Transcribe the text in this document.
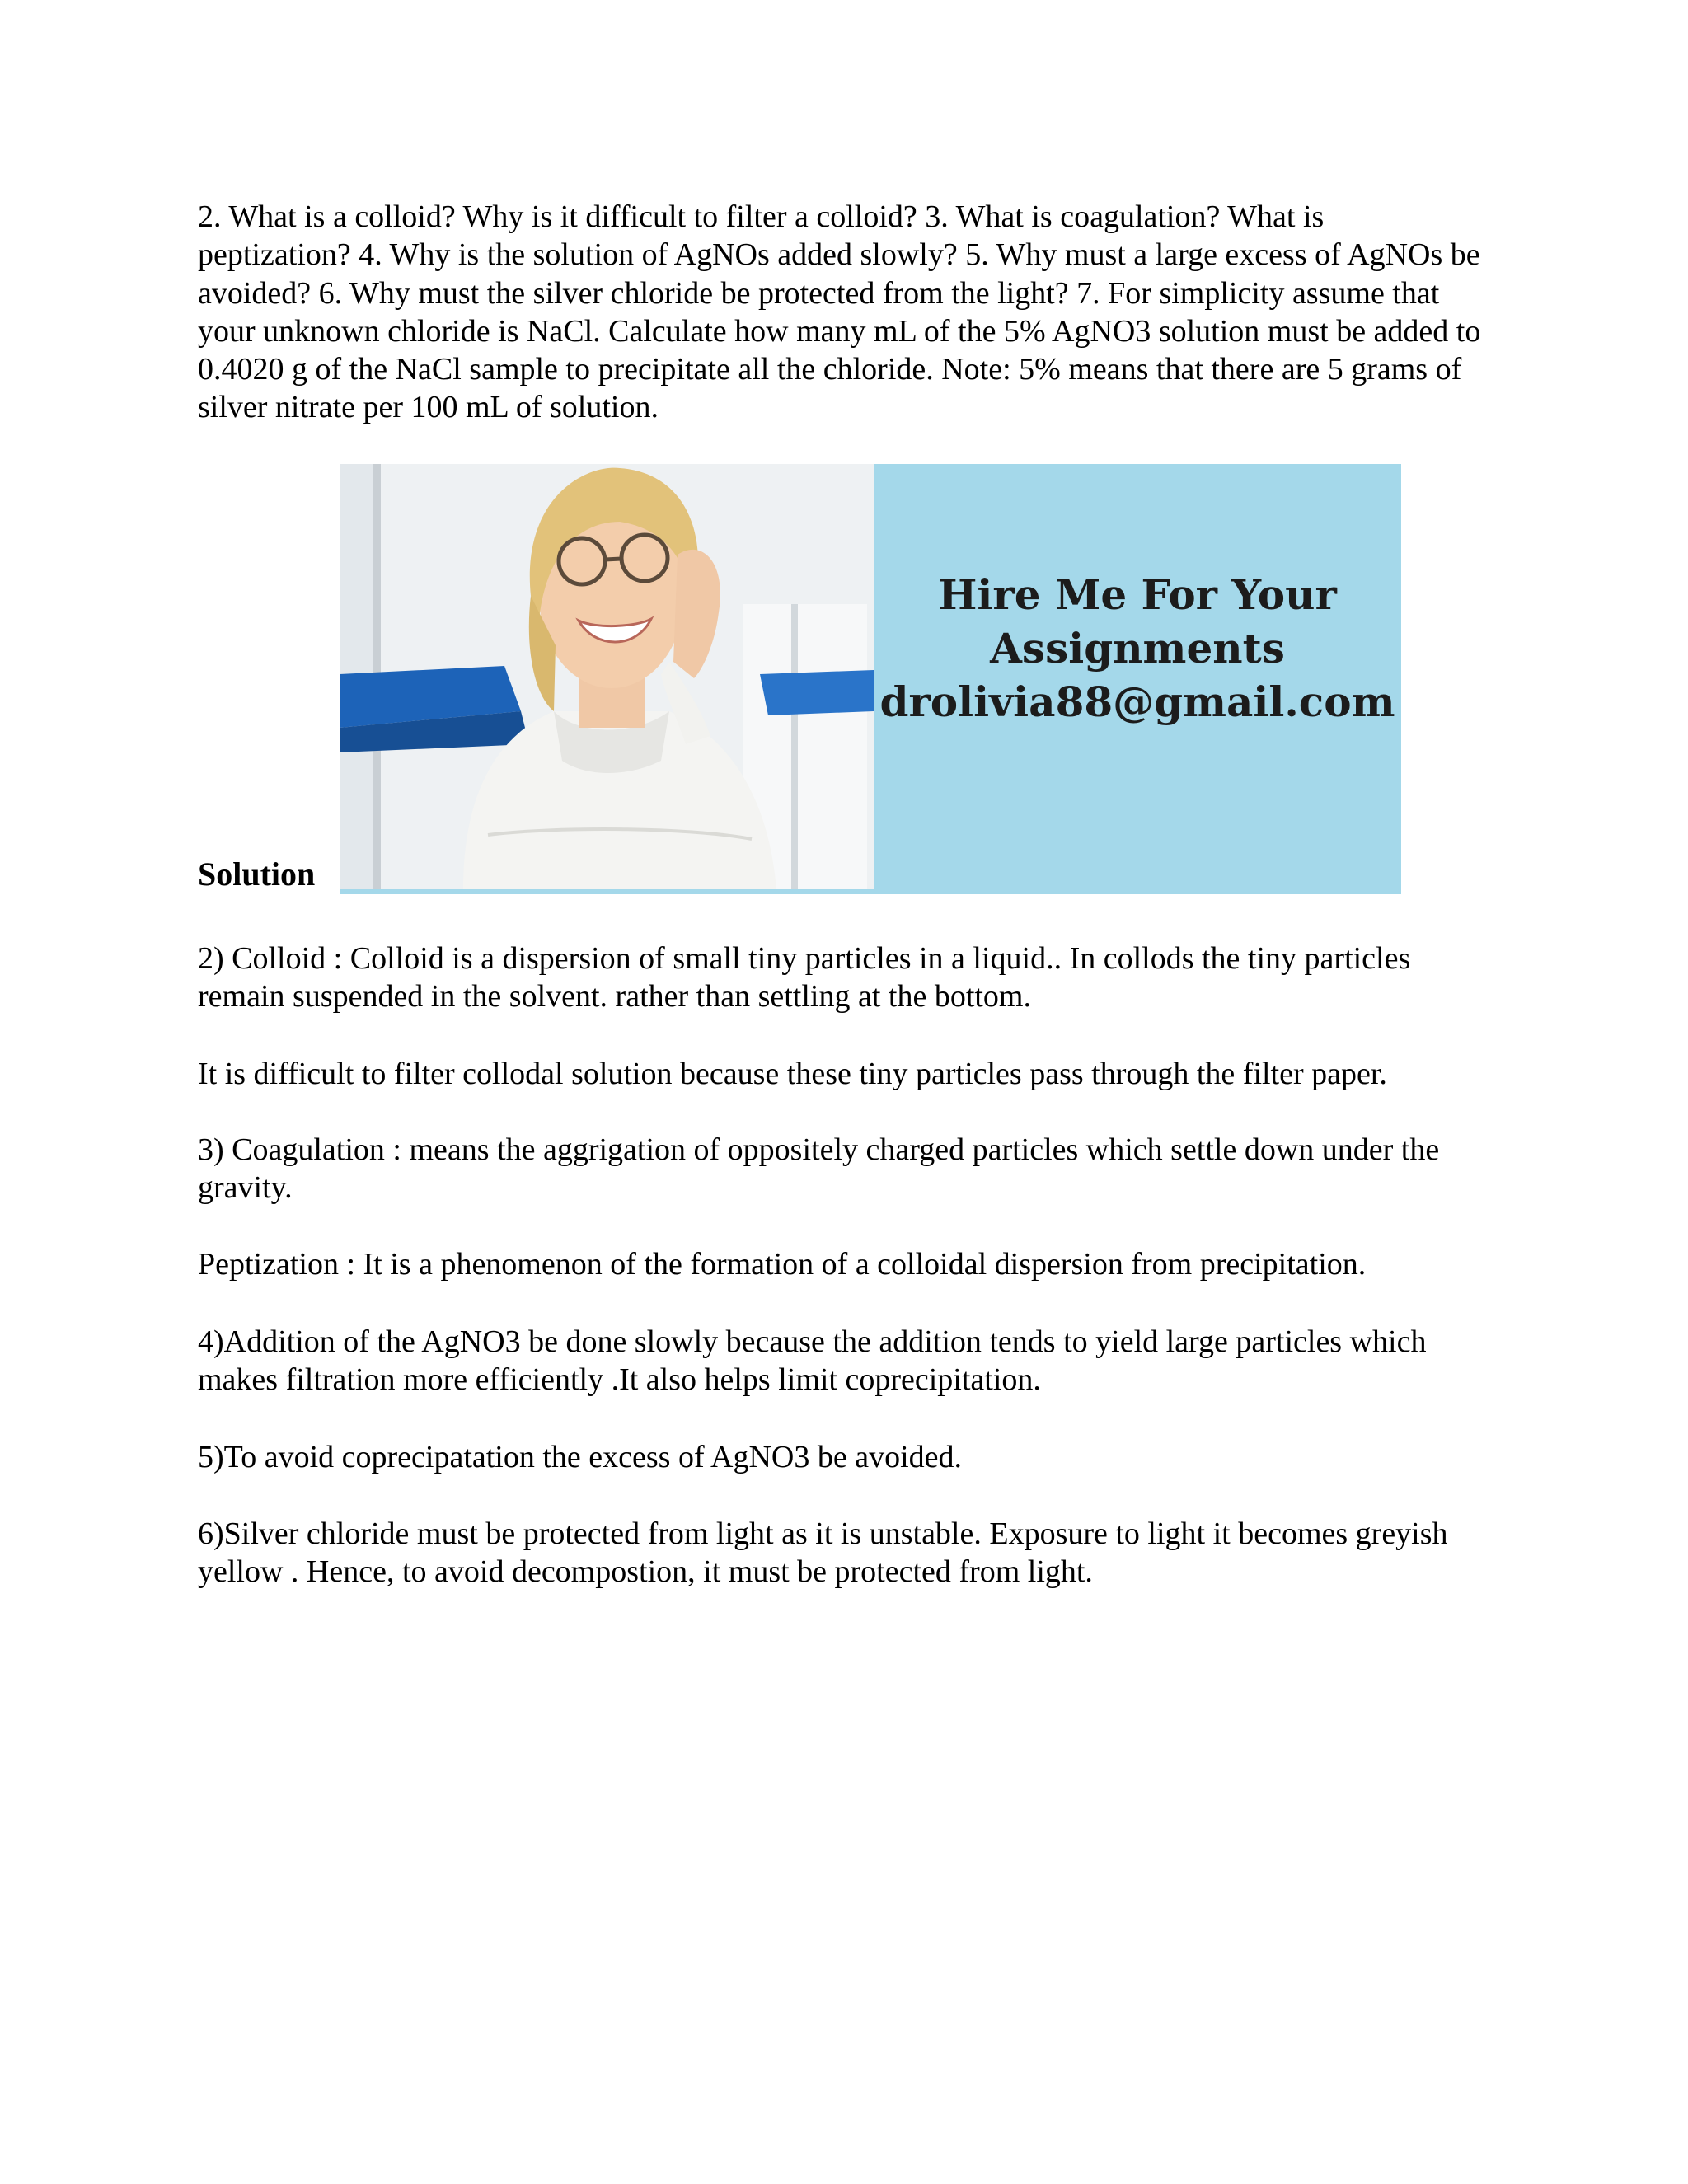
2. What is a colloid? Why is it difficult to filter a colloid? 3. What is coagulation? What is peptization? 4. Why is the solution of AgNOs added slowly? 5. Why must a large excess of AgNOs be avoided? 6. Why must the silver chloride be protected from the light? 7. For simplicity assume that your unknown chloride is NaCl. Calculate how many mL of the 5% AgNO3 solution must be added to 0.4020 g of the NaCl sample to precipitate all the chloride. Note: 5% means that there are 5 grams of silver nitrate per 100 mL of solution.

Solution
Hire Me For Your
Assignments
drolivia88@gmail.com

2) Colloid : Colloid is a dispersion of small tiny particles in a liquid.. In collods the tiny particles remain suspended in the solvent. rather than settling at the bottom.

It is difficult to filter collodal solution because these tiny particles pass through the filter paper.

3) Coagulation : means the aggrigation of oppositely charged particles which settle down under the gravity.

Peptization : It is a phenomenon of the formation of a colloidal dispersion from precipitation.

4)Addition of the AgNO3 be done slowly because the addition tends to yield large particles which makes filtration more efficiently .It also helps limit coprecipitation.

5)To avoid coprecipatation the excess of AgNO3 be avoided.

6)Silver chloride must be protected from light as it is unstable. Exposure to light it becomes greyish yellow . Hence, to avoid decompostion, it must be protected from light.
